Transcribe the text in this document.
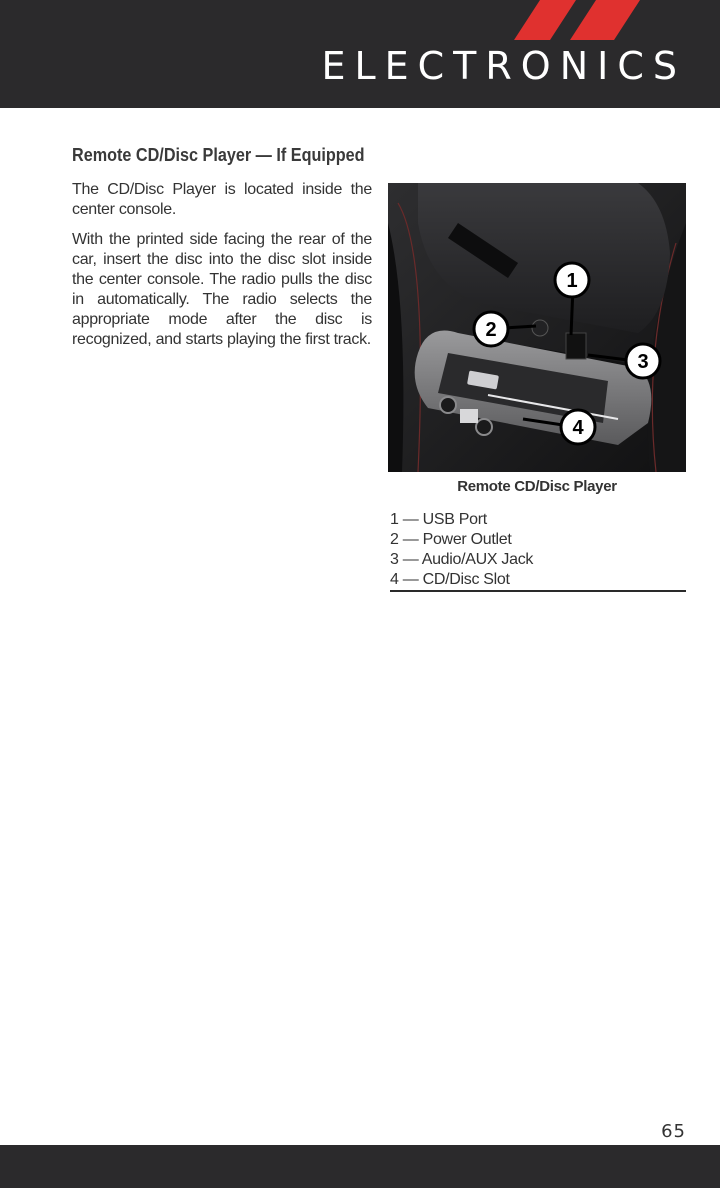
ELECTRONICS
Remote CD/Disc Player — If Equipped

The CD/Disc Player is located inside the center console.

With the printed side facing the rear of the car, insert the disc into the disc slot inside the center console. The radio pulls the disc in automatically. The radio selects the appropriate mode after the disc is recognized, and starts playing the first track.

1
2
3
4
Remote CD/Disc Player
1 — USB Port
2 — Power Outlet
3 — Audio/AUX Jack
4 — CD/Disc Slot
65
